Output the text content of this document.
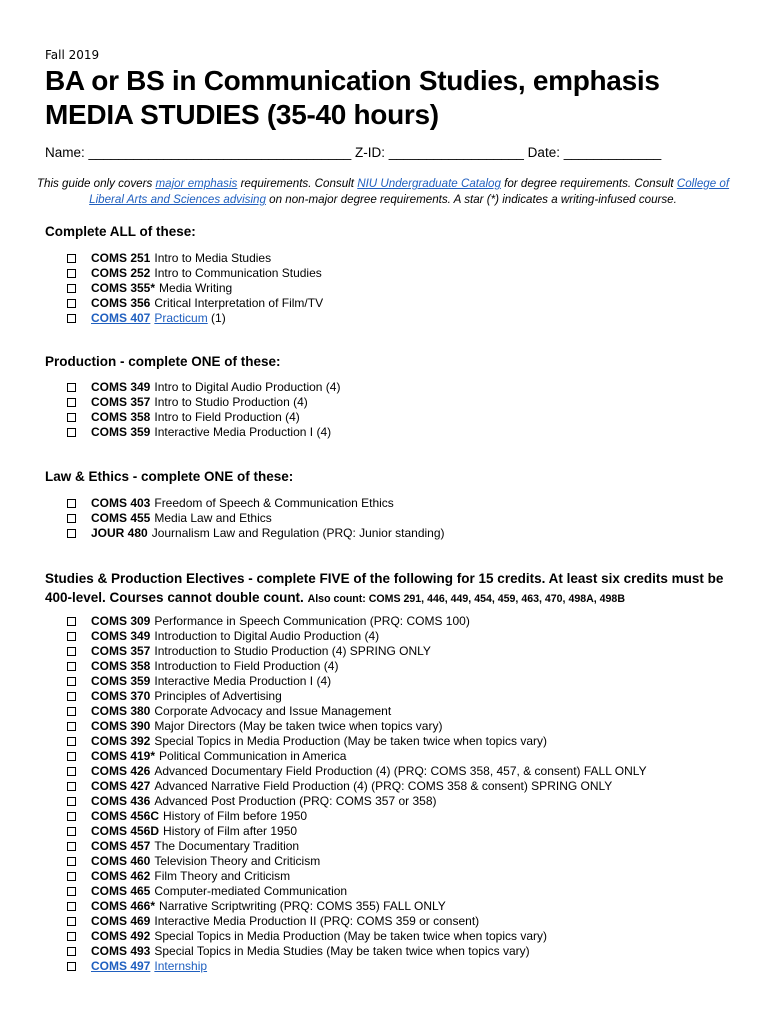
Fall 2019
BA or BS in Communication Studies, emphasis MEDIA STUDIES (35-40 hours)
Name: ___________________________________ Z-ID: __________________ Date: _____________
This guide only covers major emphasis requirements. Consult NIU Undergraduate Catalog for degree requirements. Consult College of Liberal Arts and Sciences advising on non-major degree requirements. A star (*) indicates a writing-infused course.
Complete ALL of these:
COMS 251 Intro to Media Studies
COMS 252 Intro to Communication Studies
COMS 355* Media Writing
COMS 356 Critical Interpretation of Film/TV
COMS 407 Practicum (1)
Production - complete ONE of these:
COMS 349 Intro to Digital Audio Production (4)
COMS 357 Intro to Studio Production (4)
COMS 358 Intro to Field Production (4)
COMS 359 Interactive Media Production I (4)
Law & Ethics - complete ONE of these:
COMS 403 Freedom of Speech & Communication Ethics
COMS 455 Media Law and Ethics
JOUR 480 Journalism Law and Regulation (PRQ: Junior standing)
Studies & Production Electives - complete FIVE of the following for 15 credits. At least six credits must be 400-level. Courses cannot double count. Also count: COMS 291, 446, 449, 454, 459, 463, 470, 498A, 498B
COMS 309 Performance in Speech Communication (PRQ: COMS 100)
COMS 349 Introduction to Digital Audio Production (4)
COMS 357 Introduction to Studio Production (4) SPRING ONLY
COMS 358 Introduction to Field Production (4)
COMS 359 Interactive Media Production I (4)
COMS 370 Principles of Advertising
COMS 380 Corporate Advocacy and Issue Management
COMS 390 Major Directors (May be taken twice when topics vary)
COMS 392 Special Topics in Media Production (May be taken twice when topics vary)
COMS 419* Political Communication in America
COMS 426 Advanced Documentary Field Production (4) (PRQ: COMS 358, 457, & consent) FALL ONLY
COMS 427 Advanced Narrative Field Production (4) (PRQ: COMS 358 & consent) SPRING ONLY
COMS 436 Advanced Post Production (PRQ: COMS 357 or 358)
COMS 456C History of Film before 1950
COMS 456D History of Film after 1950
COMS 457 The Documentary Tradition
COMS 460 Television Theory and Criticism
COMS 462 Film Theory and Criticism
COMS 465 Computer-mediated Communication
COMS 466* Narrative Scriptwriting (PRQ: COMS 355) FALL ONLY
COMS 469 Interactive Media Production II (PRQ: COMS 359 or consent)
COMS 492 Special Topics in Media Production (May be taken twice when topics vary)
COMS 493 Special Topics in Media Studies (May be taken twice when topics vary)
COMS 497 Internship
